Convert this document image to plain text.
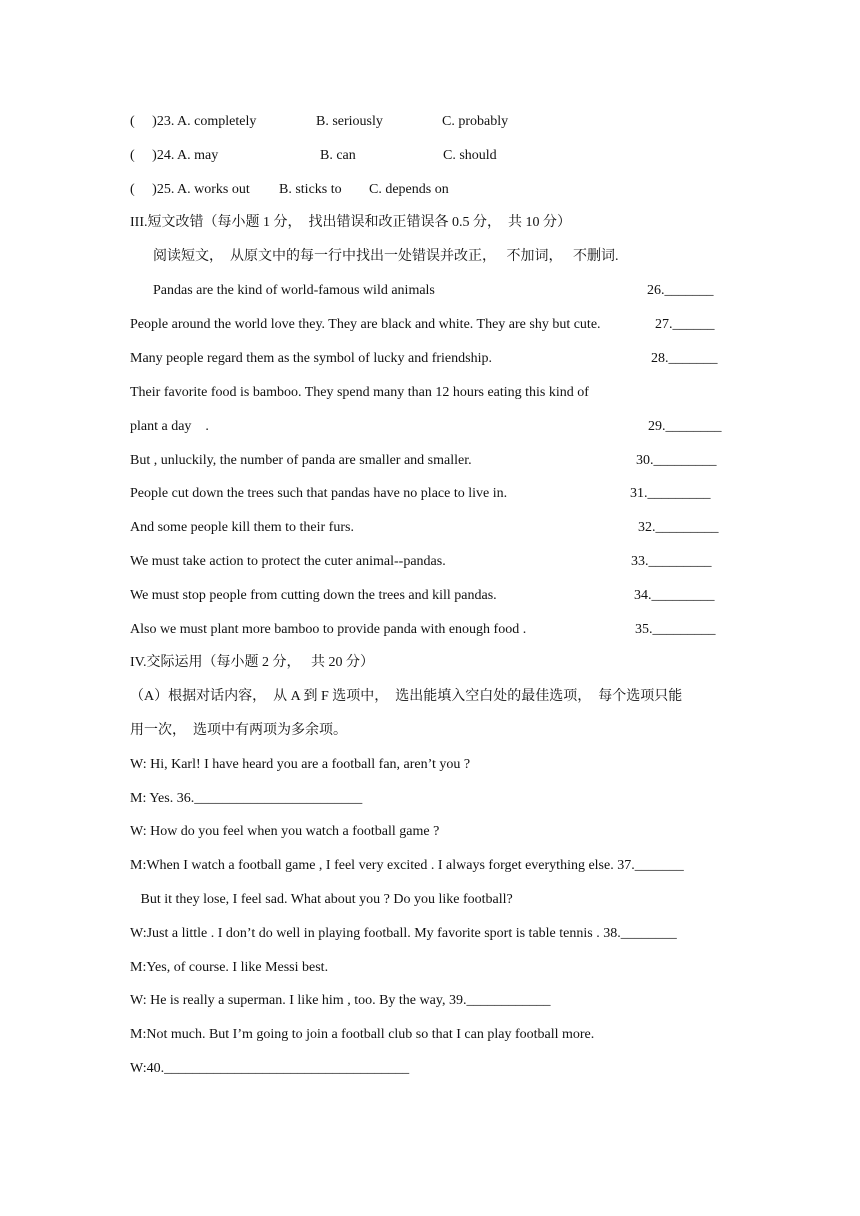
(     )23. A. completely	B. seriously	C. probably
(     )24. A. may	B. can	C. should
(     )25. A. works out B. sticks to C. depends on
III.短文改错（每小题 1 分，  找出错误和改正错误各 0.5 分，  共 10 分）
阅读短文，  从原文中的每一行中找出一处错误并改正，   不加词，   不删词.
Pandas are the kind of world-famous wild animals	26._______
People around the world love they. They are black and white. They are shy but cute.	27.______
Many people regard them as the symbol of lucky and friendship.	28._______
Their favorite food is bamboo. They spend many than 12 hours eating this kind of
plant a day    .	29.________
But , unluckily, the number of panda are smaller and smaller.	30._________
People cut down the trees such that pandas have no place to live in.	31._________
And some people kill them to their furs.	32._________
We must take action to protect the cuter animal--pandas.	33._________
We must stop people from cutting down the trees and kill pandas.	34._________
Also we must plant more bamboo to provide panda with enough food .	35._________
IV.交际运用（每小题 2 分，   共 20 分）
（A）根据对话内容，  从 A 到 F 选项中，  选出能填入空白处的最佳选项，  每个选项只能
用一次，  选项中有两项为多余项。
W: Hi, Karl! I have heard you are a football fan, aren’t you ?
M: Yes. 36.________________________
W: How do you feel when you watch a football game ?
M:When I watch a football game , I feel very excited . I always forget everything else. 37._______
But it they lose, I feel sad. What about you ? Do you like football?
W:Just a little . I don’t do well in playing football. My favorite sport is table tennis . 38.________
M:Yes, of course. I like Messi best.
W: He is really a superman. I like him , too. By the way, 39.____________
M:Not much. But I’m going to join a football club so that I can play football more.
W:40.___________________________________
